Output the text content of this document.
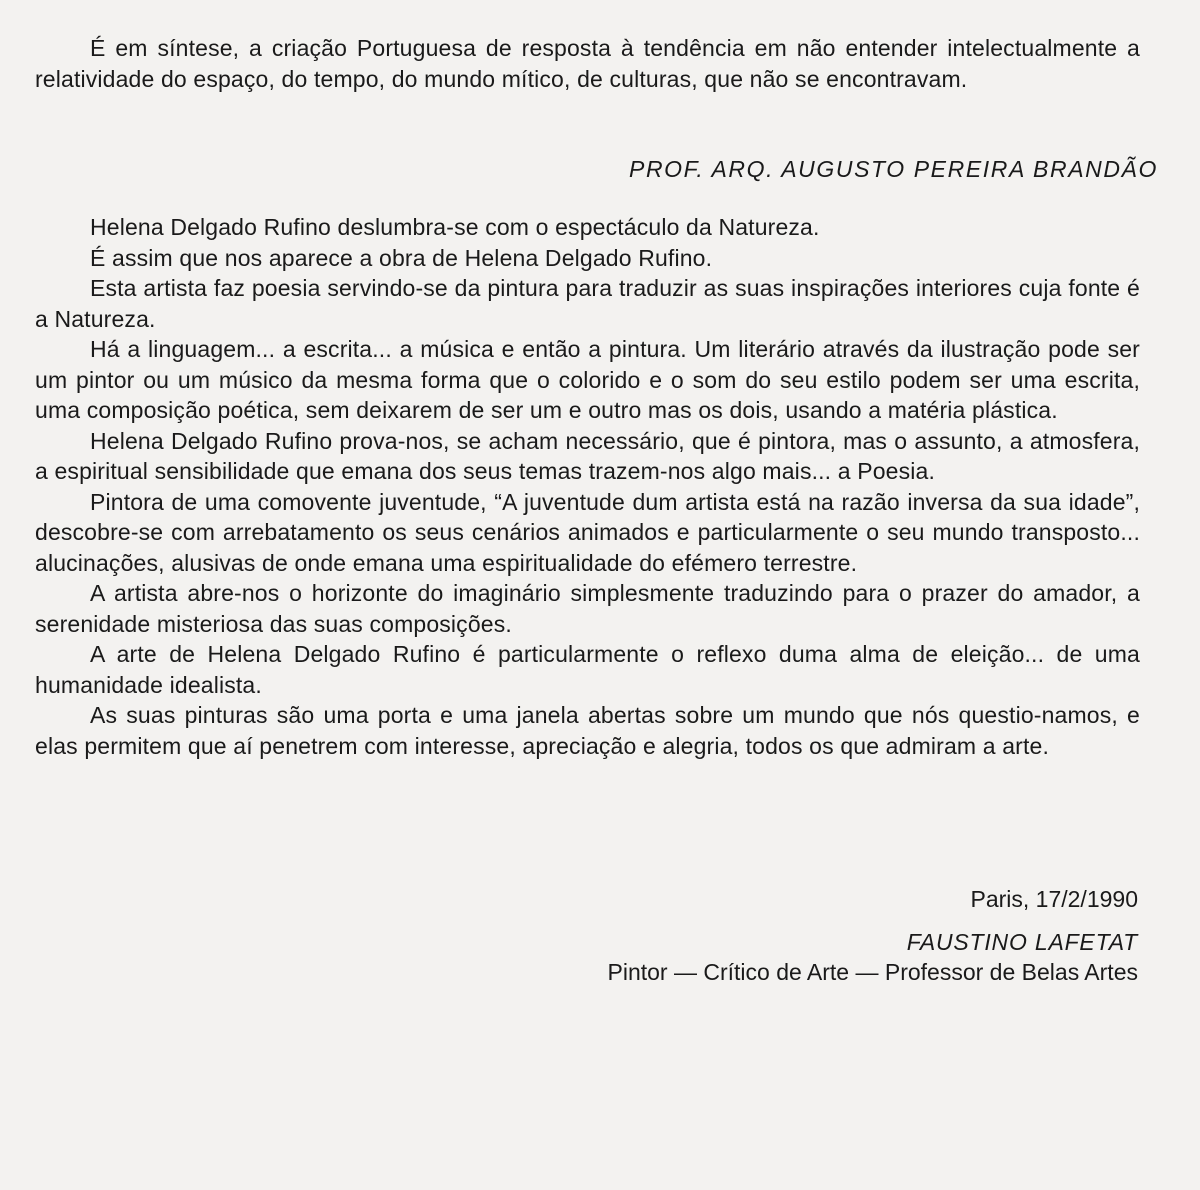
É em síntese, a criação Portuguesa de resposta à tendência em não entender intelectualmente a relatividade do espaço, do tempo, do mundo mítico, de culturas, que não se encontravam.

PROF. ARQ. AUGUSTO PEREIRA BRANDÃO

Helena Delgado Rufino deslumbra-se com o espectáculo da Natureza.

É assim que nos aparece a obra de Helena Delgado Rufino.

Esta artista faz poesia servindo-se da pintura para traduzir as suas inspirações interiores cuja fonte é a Natureza.

Há a linguagem... a escrita... a música e então a pintura. Um literário através da ilustração pode ser um pintor ou um músico da mesma forma que o colorido e o som do seu estilo podem ser uma escrita, uma composição poética, sem deixarem de ser um e outro mas os dois, usando a matéria plástica.

Helena Delgado Rufino prova-nos, se acham necessário, que é pintora, mas o assunto, a atmosfera, a espiritual sensibilidade que emana dos seus temas trazem-nos algo mais... a Poesia.

Pintora de uma comovente juventude, “A juventude dum artista está na razão inversa da sua idade”, descobre-se com arrebatamento os seus cenários animados e particularmente o seu mundo transposto... alucinações, alusivas de onde emana uma espiritualidade do efémero terrestre.

A artista abre-nos o horizonte do imaginário simplesmente traduzindo para o prazer do amador, a serenidade misteriosa das suas composições.

A arte de Helena Delgado Rufino é particularmente o reflexo duma alma de eleição... de uma humanidade idealista.

As suas pinturas são uma porta e uma janela abertas sobre um mundo que nós questio-namos, e elas permitem que aí penetrem com interesse, apreciação e alegria, todos os que admiram a arte.

Paris, 17/2/1990

FAUSTINO LAFETAT

Pintor — Crítico de Arte — Professor de Belas Artes
